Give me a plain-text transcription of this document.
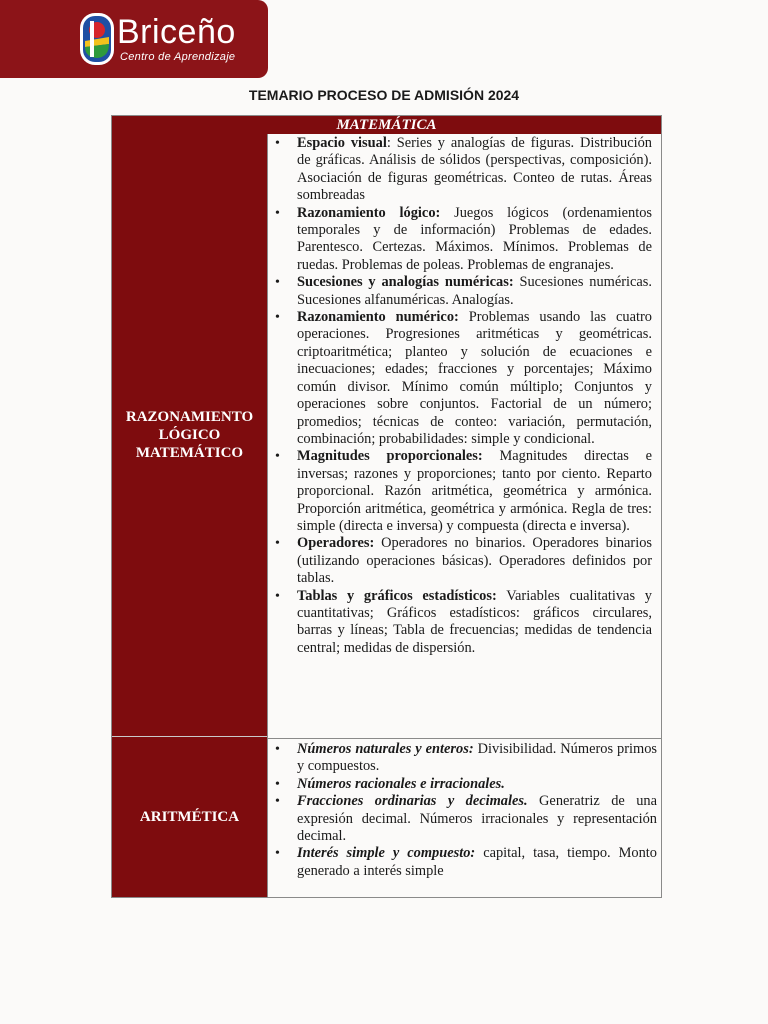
Briceño
Centro de Aprendizaje
TEMARIO PROCESO DE ADMISIÓN 2024
MATEMÁTICA
RAZONAMIENTO LÓGICO MATEMÁTICO
• Espacio visual: Series y analogías de figuras. Distribución de gráficas. Análisis de sólidos (perspectivas, composición). Asociación de figuras geométricas. Conteo de rutas. Áreas sombreadas
• Razonamiento lógico: Juegos lógicos (ordenamientos temporales y de información) Problemas de edades. Parentesco. Certezas. Máximos. Mínimos. Problemas de ruedas. Problemas de poleas. Problemas de engranajes.
• Sucesiones y analogías numéricas: Sucesiones numéricas. Sucesiones alfanuméricas. Analogías.
• Razonamiento numérico: Problemas usando las cuatro operaciones. Progresiones aritméticas y geométricas. criptoaritmética; planteo y solución de ecuaciones e inecuaciones; edades; fracciones y porcentajes; Máximo común divisor. Mínimo común múltiplo; Conjuntos y operaciones sobre conjuntos. Factorial de un número; promedios; técnicas de conteo: variación, permutación, combinación; probabilidades: simple y condicional.
• Magnitudes proporcionales: Magnitudes directas e inversas; razones y proporciones; tanto por ciento. Reparto proporcional. Razón aritmética, geométrica y armónica. Proporción aritmética, geométrica y armónica. Regla de tres: simple (directa e inversa) y compuesta (directa e inversa).
• Operadores: Operadores no binarios. Operadores binarios (utilizando operaciones básicas). Operadores definidos por tablas.
• Tablas y gráficos estadísticos: Variables cualitativas y cuantitativas; Gráficos estadísticos: gráficos circulares, barras y líneas; Tabla de frecuencias; medidas de tendencia central; medidas de dispersión.
ARITMÉTICA
• Números naturales y enteros: Divisibilidad. Números primos y compuestos.
• Números racionales e irracionales.
• Fracciones ordinarias y decimales. Generatriz de una expresión decimal. Números irracionales y representación decimal.
• Interés simple y compuesto: capital, tasa, tiempo. Monto generado a interés simple
